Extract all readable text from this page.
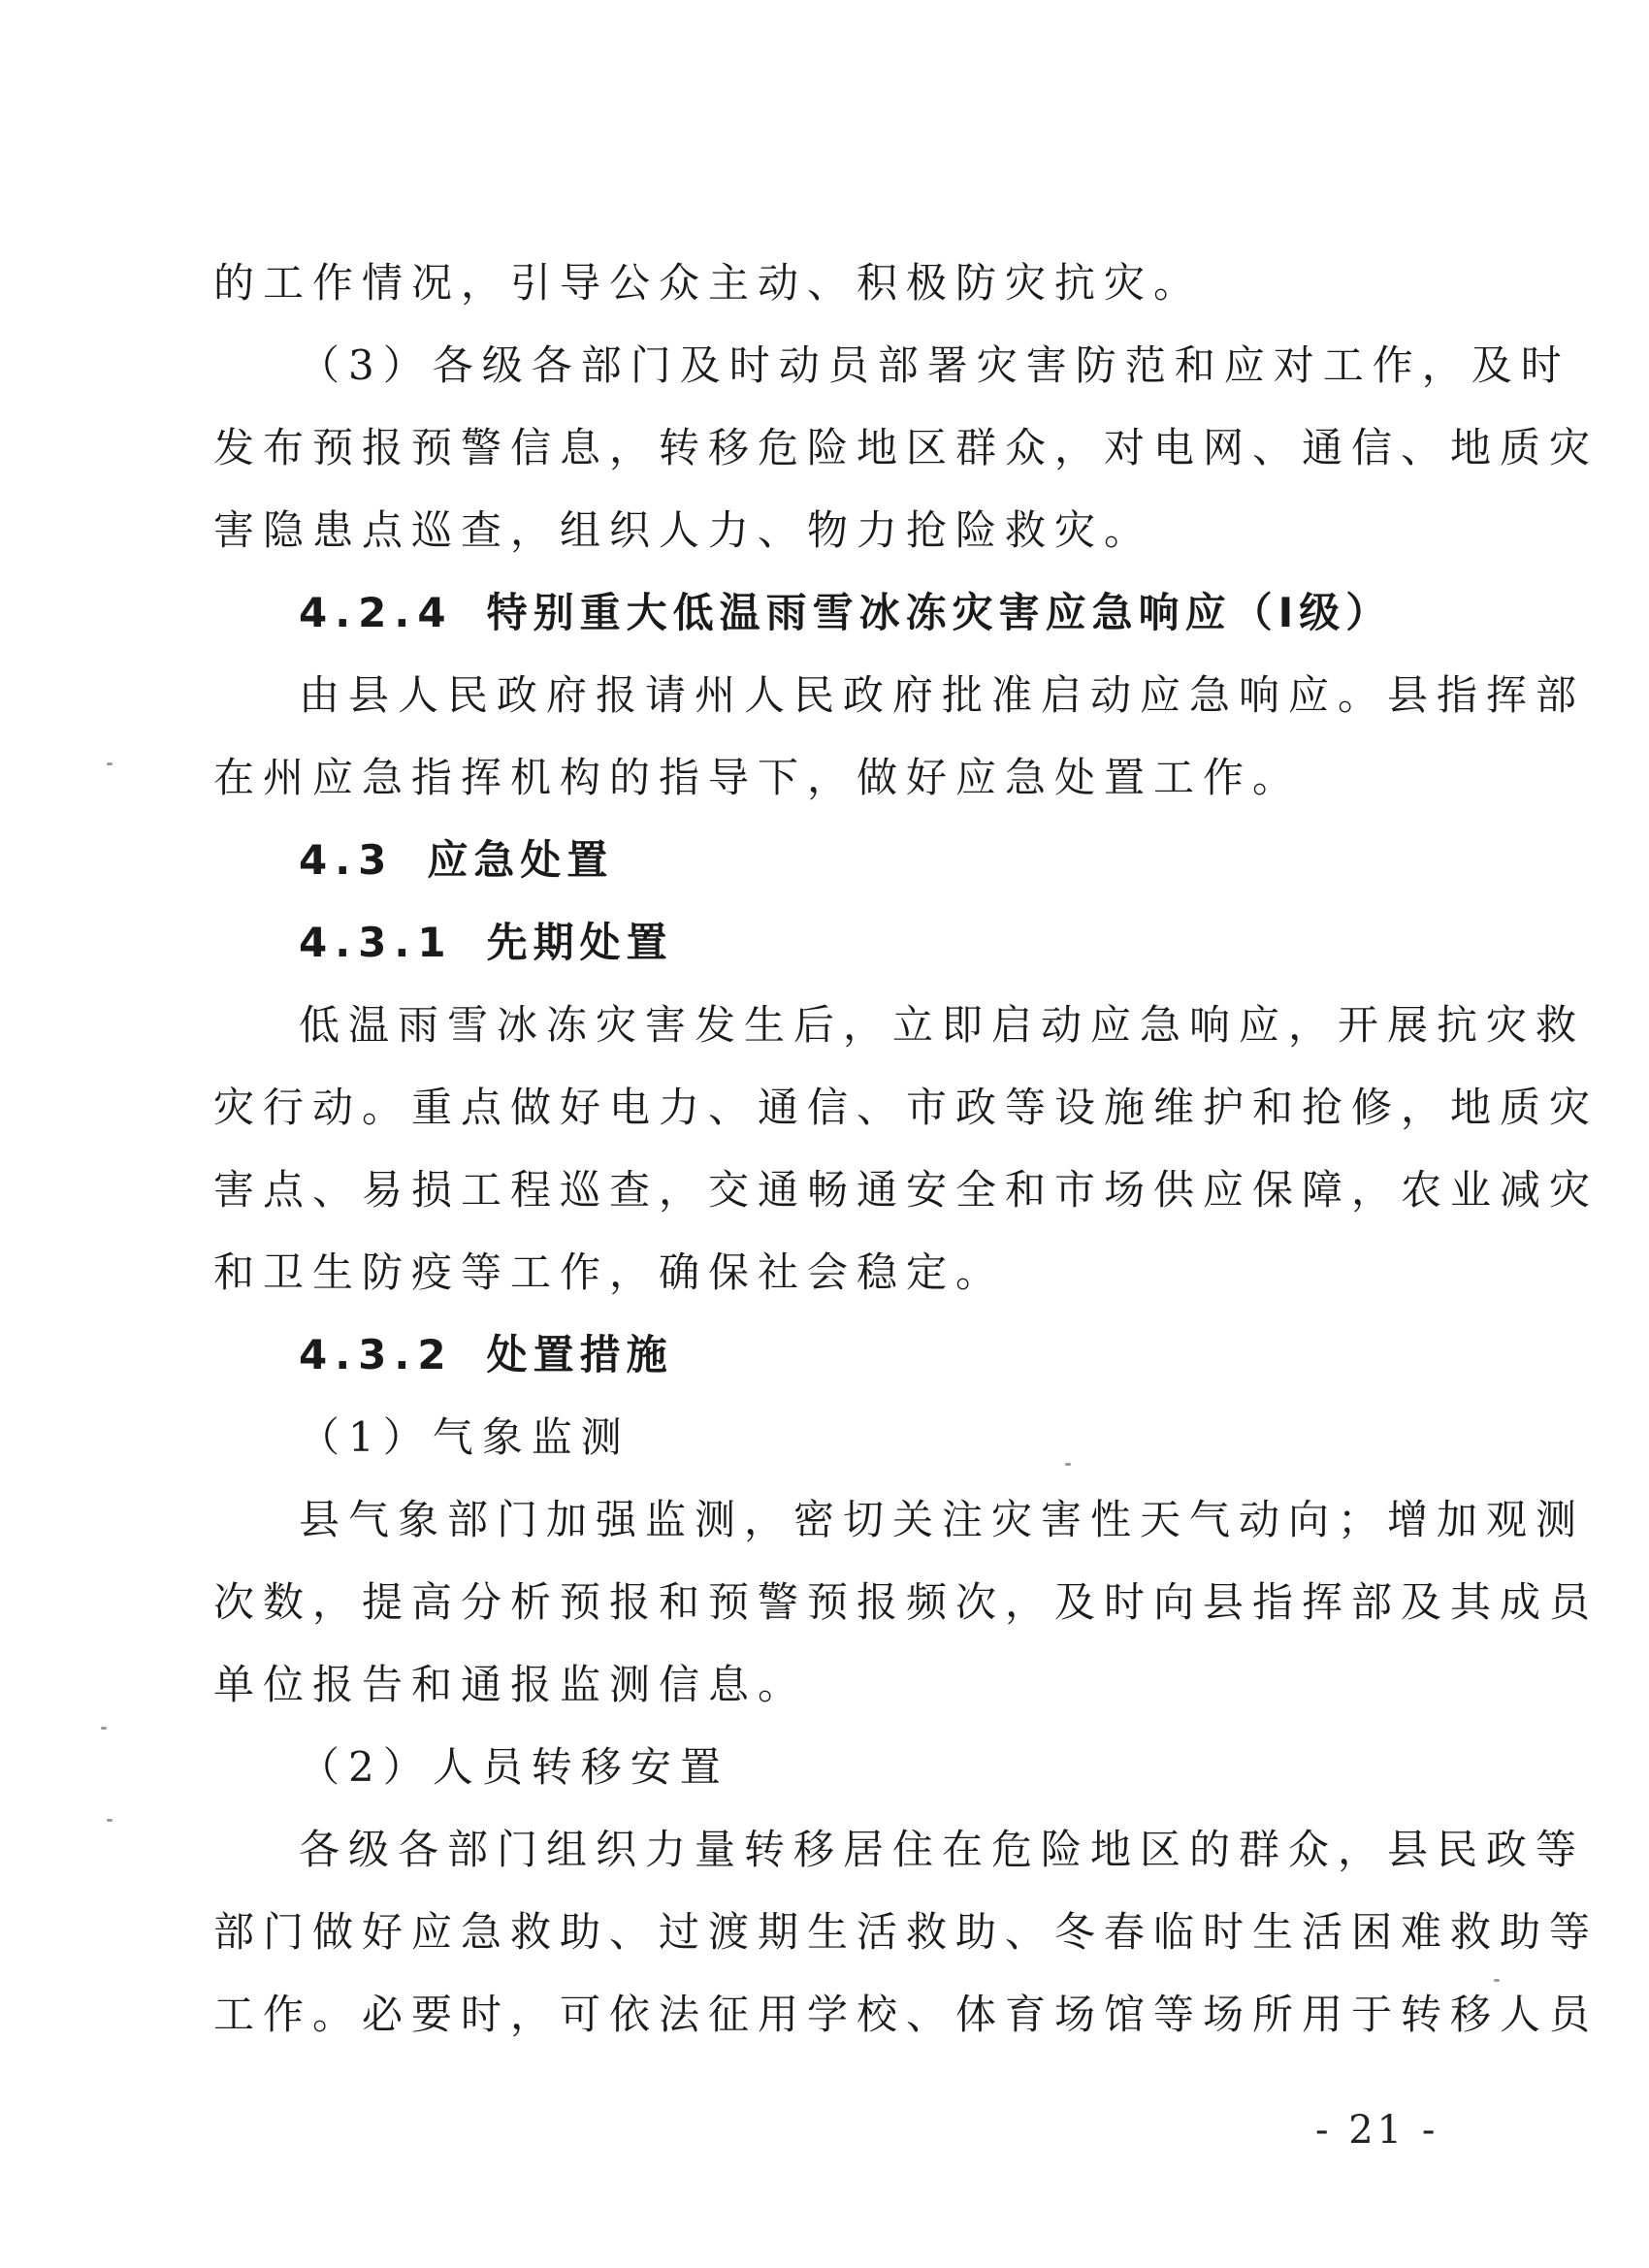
的工作情况，引导公众主动、积极防灾抗灾。
（3）各级各部门及时动员部署灾害防范和应对工作，及时
发布预报预警信息，转移危险地区群众，对电网、通信、地质灾
害隐患点巡查，组织人力、物力抢险救灾。
4.2.4 特别重大低温雨雪冰冻灾害应急响应（Ⅰ级）
由县人民政府报请州人民政府批准启动应急响应。县指挥部
在州应急指挥机构的指导下，做好应急处置工作。
4.3 应急处置
4.3.1 先期处置
低温雨雪冰冻灾害发生后，立即启动应急响应，开展抗灾救
灾行动。重点做好电力、通信、市政等设施维护和抢修，地质灾
害点、易损工程巡查，交通畅通安全和市场供应保障，农业减灾
和卫生防疫等工作，确保社会稳定。
4.3.2 处置措施
（1）气象监测
县气象部门加强监测，密切关注灾害性天气动向；增加观测
次数，提高分析预报和预警预报频次，及时向县指挥部及其成员
单位报告和通报监测信息。
（2）人员转移安置
各级各部门组织力量转移居住在危险地区的群众，县民政等
部门做好应急救助、过渡期生活救助、冬春临时生活困难救助等
工作。必要时，可依法征用学校、体育场馆等场所用于转移人员
- 21 -
